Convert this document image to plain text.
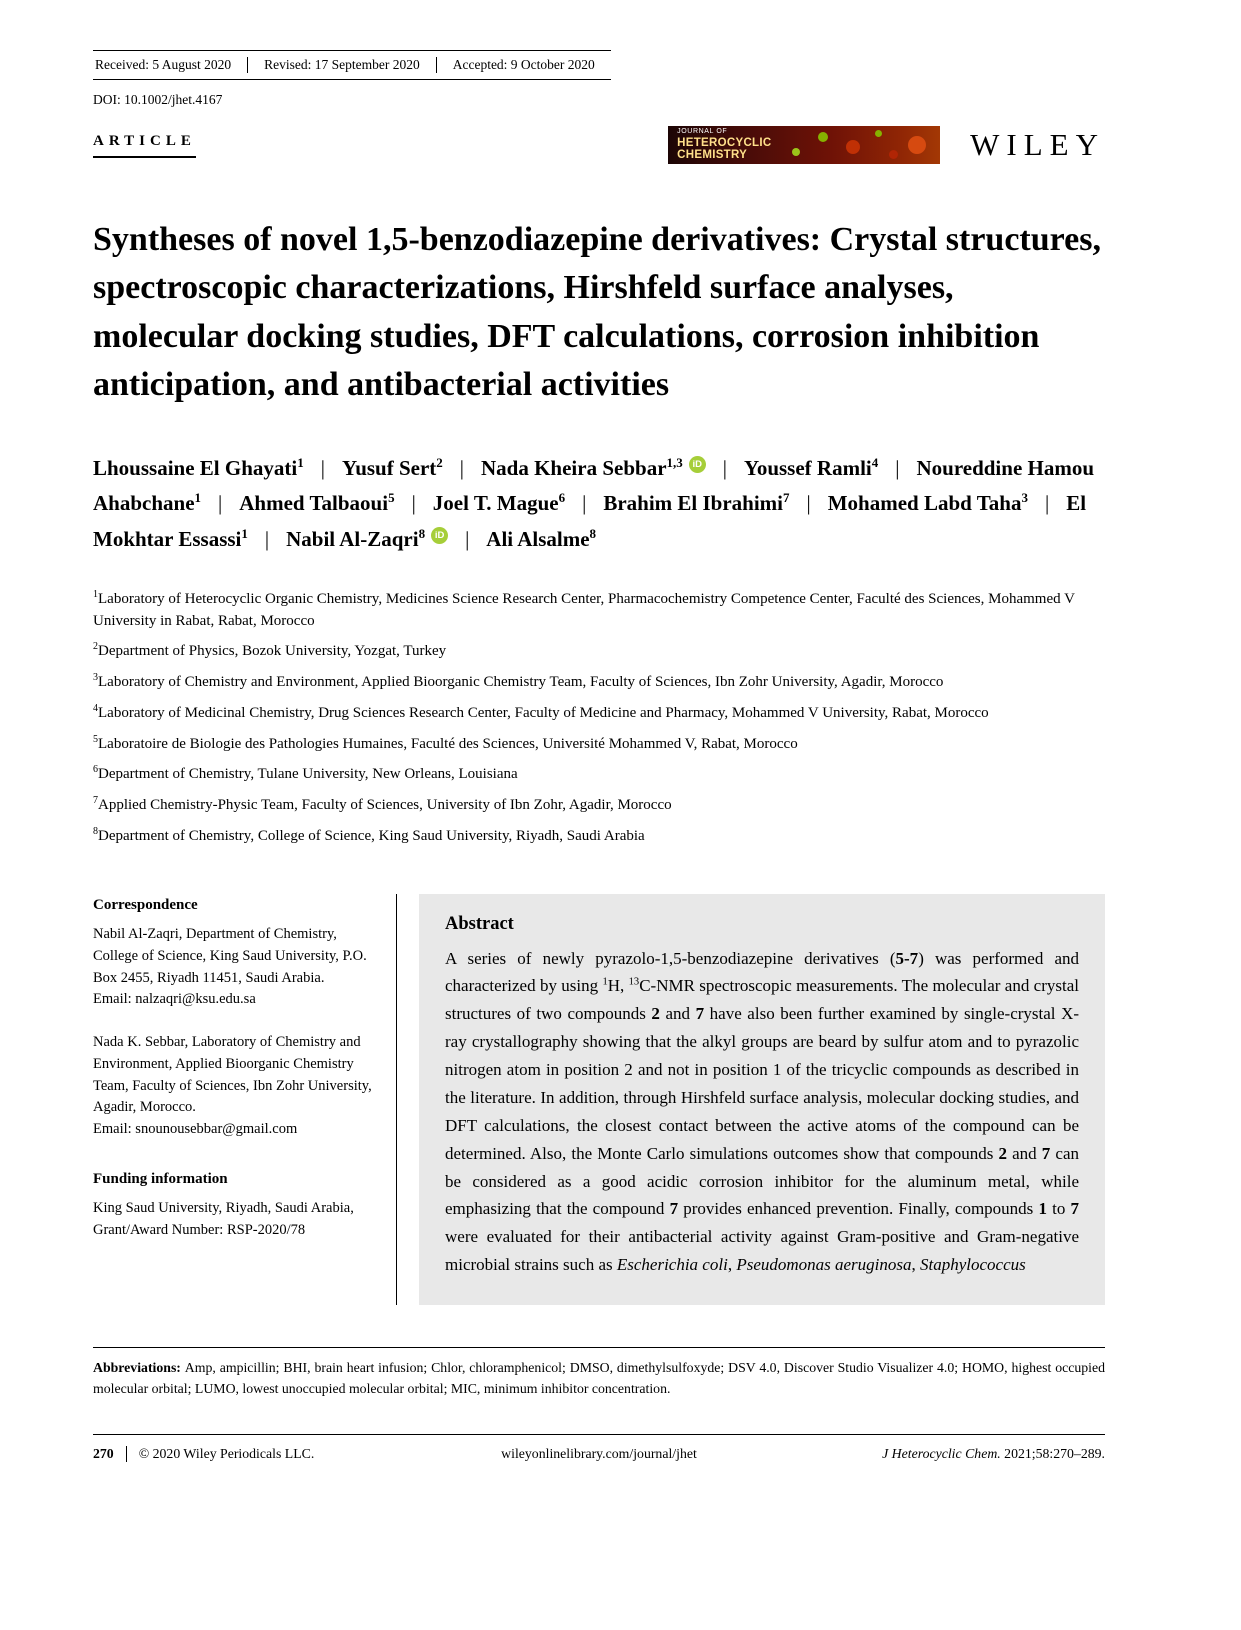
Received: 5 August 2020 Revised: 17 September 2020 Accepted: 9 October 2020
DOI: 10.1002/jhet.4167
ARTICLE
JOURNAL OF
HETEROCYCLIC
CHEMISTRY	WILEY
Syntheses of novel 1,5-benzodiazepine derivatives: Crystal structures, spectroscopic characterizations, Hirshfeld surface analyses, molecular docking studies, DFT calculations, corrosion inhibition anticipation, and antibacterial activities
Lhoussaine El Ghayati$^1$ | Yusuf Sert$^2$ | Nada Kheira Sebbar$^{1,3}$ iD | Youssef Ramli$^4$ | Noureddine Hamou Ahabchane$^1$ | Ahmed Talbaoui$^5$ | Joel T. Mague$^6$ | Brahim El Ibrahimi$^7$ | Mohamed Labd Taha$^3$ | El Mokhtar Essassi$^1$ | Nabil Al-Zaqri$^8$ iD | Ali Alsalme$^8$

$^1$Laboratory of Heterocyclic Organic Chemistry, Medicines Science Research Center, Pharmacochemistry Competence Center, Faculté des Sciences, Mohammed V University in Rabat, Rabat, Morocco

$^2$Department of Physics, Bozok University, Yozgat, Turkey

$^3$Laboratory of Chemistry and Environment, Applied Bioorganic Chemistry Team, Faculty of Sciences, Ibn Zohr University, Agadir, Morocco

$^4$Laboratory of Medicinal Chemistry, Drug Sciences Research Center, Faculty of Medicine and Pharmacy, Mohammed V University, Rabat, Morocco

$^5$Laboratoire de Biologie des Pathologies Humaines, Faculté des Sciences, Université Mohammed V, Rabat, Morocco

$^6$Department of Chemistry, Tulane University, New Orleans, Louisiana

$^7$Applied Chemistry-Physic Team, Faculty of Sciences, University of Ibn Zohr, Agadir, Morocco

$^8$Department of Chemistry, College of Science, King Saud University, Riyadh, Saudi Arabia

Correspondence

Nabil Al-Zaqri, Department of Chemistry, College of Science, King Saud University, P.O. Box 2455, Riyadh 11451, Saudi Arabia.

Email: nalzaqri@ksu.edu.sa

Nada K. Sebbar, Laboratory of Chemistry and Environment, Applied Bioorganic Chemistry Team, Faculty of Sciences, Ibn Zohr University, Agadir, Morocco.

Email: snounousebbar@gmail.com

Funding information

King Saud University, Riyadh, Saudi Arabia, Grant/Award Number: RSP-2020/78

Abstract

A series of newly pyrazolo-1,5-benzodiazepine derivatives (5-7) was performed and characterized by using $^1$H, $^{13}$C-NMR spectroscopic measurements. The molecular and crystal structures of two compounds 2 and 7 have also been further examined by single-crystal X-ray crystallography showing that the alkyl groups are beard by sulfur atom and to pyrazolic nitrogen atom in position 2 and not in position 1 of the tricyclic compounds as described in the literature. In addition, through Hirshfeld surface analysis, molecular docking studies, and DFT calculations, the closest contact between the active atoms of the compound can be determined. Also, the Monte Carlo simulations outcomes show that compounds 2 and 7 can be considered as a good acidic corrosion inhibitor for the aluminum metal, while emphasizing that the compound 7 provides enhanced prevention. Finally, compounds 1 to 7 were evaluated for their antibacterial activity against Gram-positive and Gram-negative microbial strains such as Escherichia coli, Pseudomonas aeruginosa, Staphylococcus

Abbreviations: Amp, ampicillin; BHI, brain heart infusion; Chlor, chloramphenicol; DMSO, dimethylsulfoxyde; DSV 4.0, Discover Studio Visualizer 4.0; HOMO, highest occupied molecular orbital; LUMO, lowest unoccupied molecular orbital; MIC, minimum inhibitor concentration.
270 © 2020 Wiley Periodicals LLC.	wileyonlinelibrary.com/journal/jhet	J Heterocyclic Chem. 2021;58:270–289.
